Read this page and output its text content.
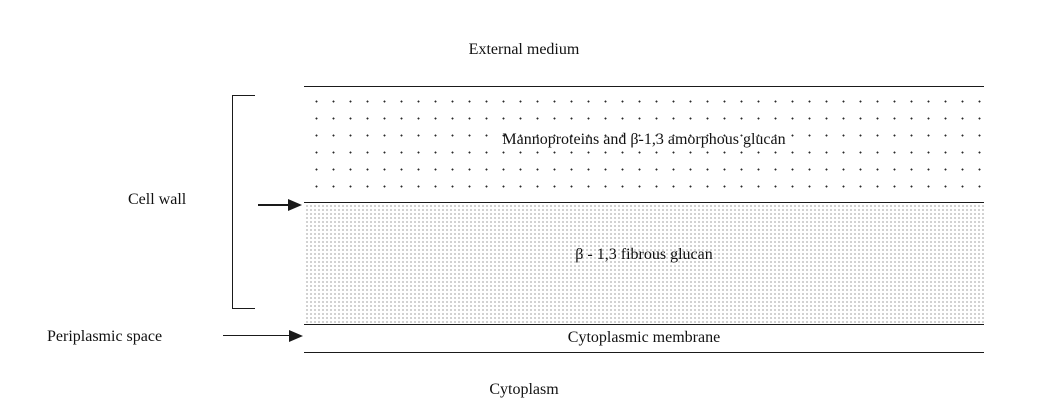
External medium
Mannoproteins and β-1,3 amorphous glucan
β - 1,3 fibrous glucan
Cytoplasmic membrane
Cell wall
Periplasmic space
Cytoplasm
